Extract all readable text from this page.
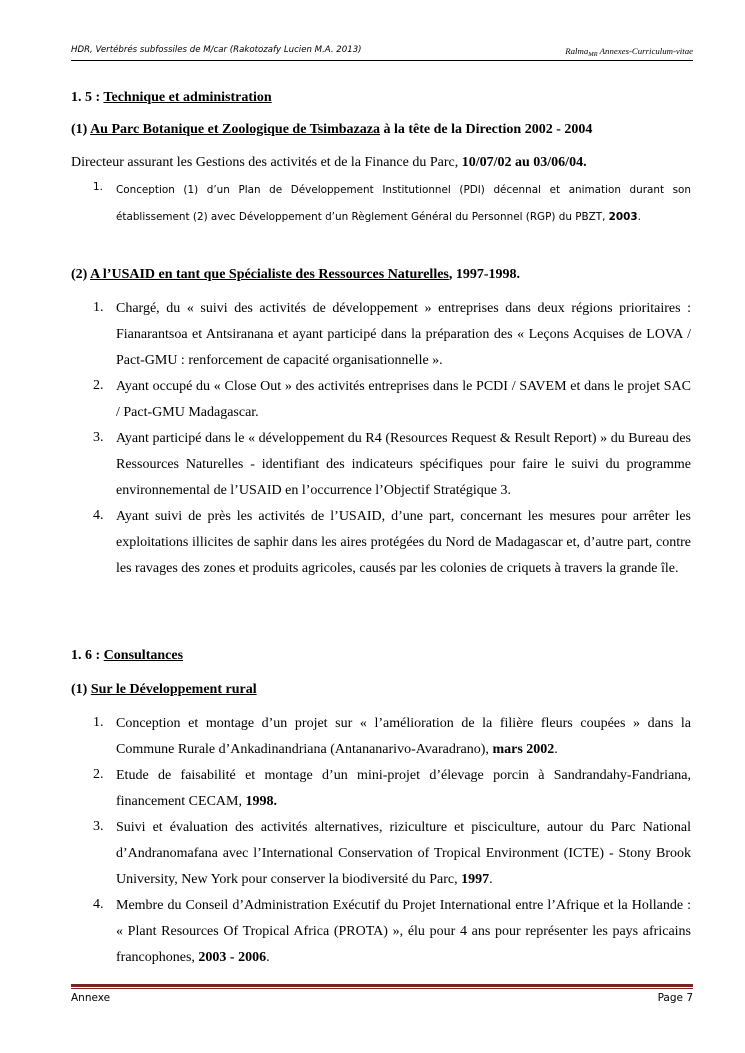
HDR, Vertébrés subfossiles de M/car (Rakotozafy Lucien M.A. 2013)	Ralma$_{MR}$ Annexes-Curriculum-vitae
1. 5 : Technique et administration
(1) Au Parc Botanique et Zoologique de Tsimbazaza à la tête de la Direction 2002 - 2004
Directeur assurant les Gestions des activités et de la Finance du Parc, 10/07/02 au 03/06/04.
1. Conception (1) d’un Plan de Développement Institutionnel (PDI) décennal et animation durant son établissement (2) avec Développement d’un Règlement Général du Personnel (RGP) du PBZT, 2003.
(2) A l’USAID en tant que Spécialiste des Ressources Naturelles, 1997-1998.
1. Chargé, du « suivi des activités de développement » entreprises dans deux régions prioritaires : Fianarantsoa et Antsiranana et ayant participé dans la préparation des « Leçons Acquises de LOVA / Pact-GMU : renforcement de capacité organisationnelle ».
2. Ayant occupé du « Close Out » des activités entreprises dans le PCDI / SAVEM et dans le projet SAC / Pact-GMU Madagascar.
3. Ayant participé dans le « développement du R4 (Resources Request & Result Report) » du Bureau des Ressources Naturelles - identifiant des indicateurs spécifiques pour faire le suivi du programme environnemental de l’USAID en l’occurrence l’Objectif Stratégique 3.
4. Ayant suivi de près les activités de l’USAID, d’une part, concernant les mesures pour arrêter les exploitations illicites de saphir dans les aires protégées du Nord de Madagascar et, d’autre part, contre les ravages des zones et produits agricoles, causés par les colonies de criquets à travers la grande île.
1. 6 : Consultances
(1) Sur le Développement rural
1. Conception et montage d’un projet sur « l’amélioration de la filière fleurs coupées » dans la Commune Rurale d’Ankadinandriana (Antananarivo-Avaradrano), mars 2002.
2. Etude de faisabilité et montage d’un mini-projet d’élevage porcin à Sandrandahy-Fandriana, financement CECAM, 1998.
3. Suivi et évaluation des activités alternatives, riziculture et pisciculture, autour du Parc National d’Andranomafana avec l’International Conservation of Tropical Environment (ICTE) - Stony Brook University, New York pour conserver la biodiversité du Parc, 1997.
4. Membre du Conseil d’Administration Exécutif du Projet International entre l’Afrique et la Hollande : « Plant Resources Of Tropical Africa (PROTA) », élu pour 4 ans pour représenter les pays africains francophones, 2003 - 2006.
Annexe	Page 7
